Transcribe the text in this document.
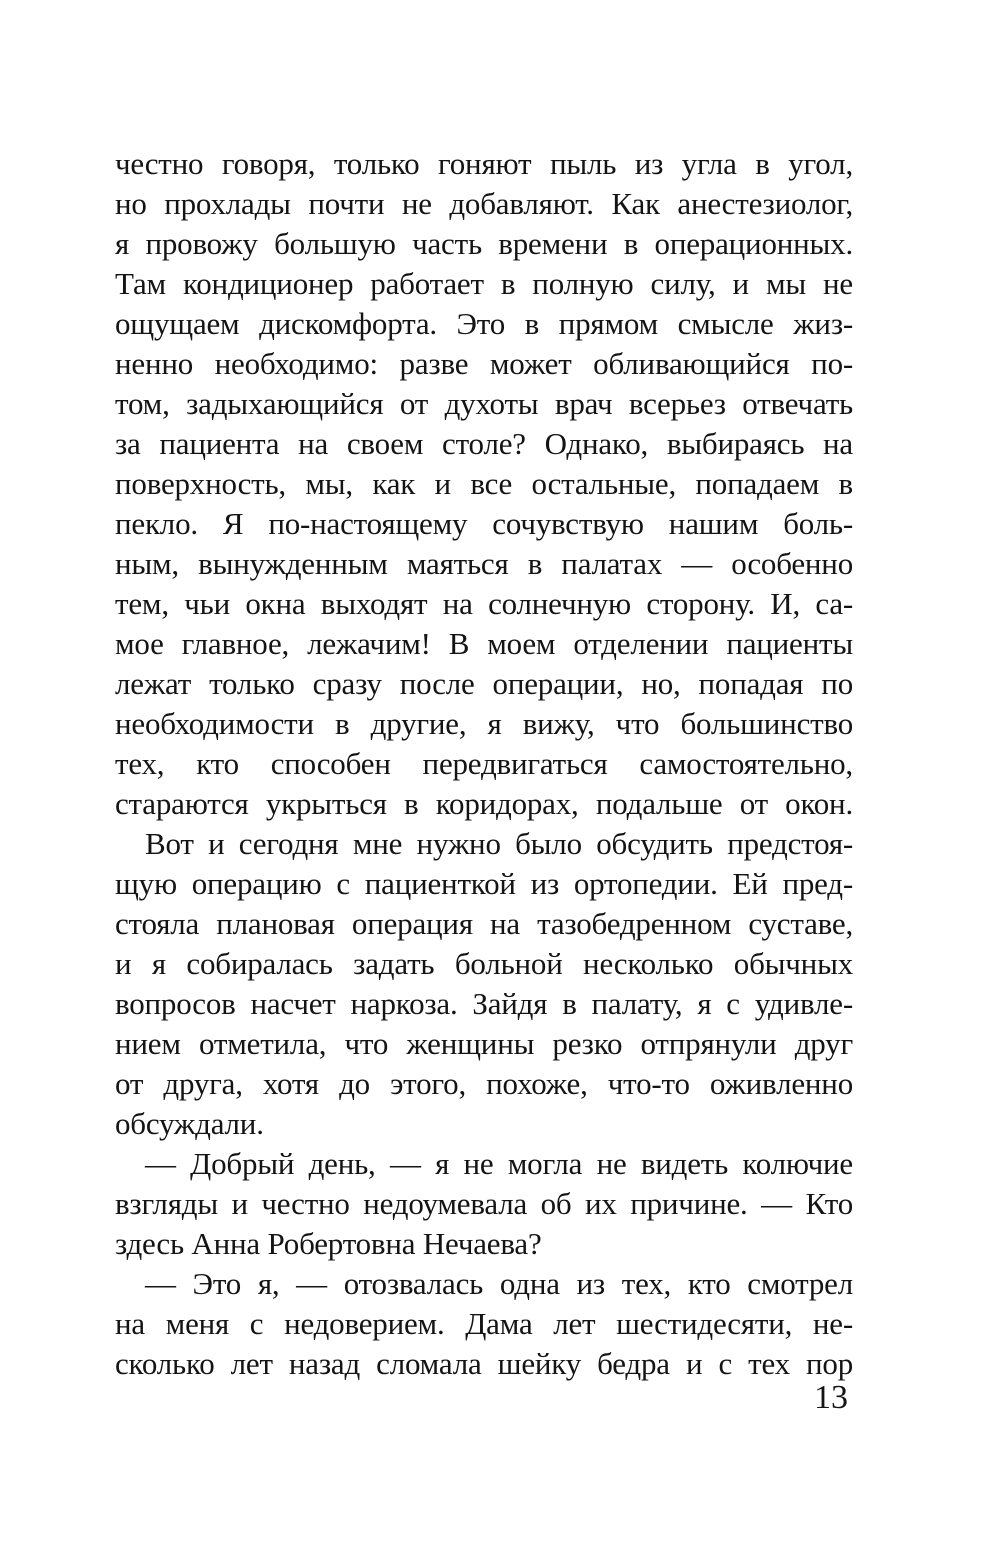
честно говоря, только гоняют пыль из угла в угол,
но прохлады почти не добавляют. Как анестезиолог,
я провожу большую часть времени в операционных.
Там кондиционер работает в полную силу, и мы не
ощущаем дискомфорта. Это в прямом смысле жиз-
ненно необходимо: разве может обливающийся по-
том, задыхающийся от духоты врач всерьез отвечать
за пациента на своем столе? Однако, выбираясь на
поверхность, мы, как и все остальные, попадаем в
пекло. Я по-настоящему сочувствую нашим боль-
ным, вынужденным маяться в палатах — особенно
тем, чьи окна выходят на солнечную сторону. И, са-
мое главное, лежачим! В моем отделении пациенты
лежат только сразу после операции, но, попадая по
необходимости в другие, я вижу, что большинство
тех, кто способен передвигаться самостоятельно,
стараются укрыться в коридорах, подальше от окон.
Вот и сегодня мне нужно было обсудить предстоя-
щую операцию с пациенткой из ортопедии. Ей пред-
стояла плановая операция на тазобедренном суставе,
и я собиралась задать больной несколько обычных
вопросов насчет наркоза. Зайдя в палату, я с удивле-
нием отметила, что женщины резко отпрянули друг
от друга, хотя до этого, похоже, что-то оживленно
обсуждали.
— Добрый день, — я не могла не видеть колючие
взгляды и честно недоумевала об их причине. — Кто
здесь Анна Робертовна Нечаева?
— Это я, — отозвалась одна из тех, кто смотрел
на меня с недоверием. Дама лет шестидесяти, не-
сколько лет назад сломала шейку бедра и с тех пор
13
